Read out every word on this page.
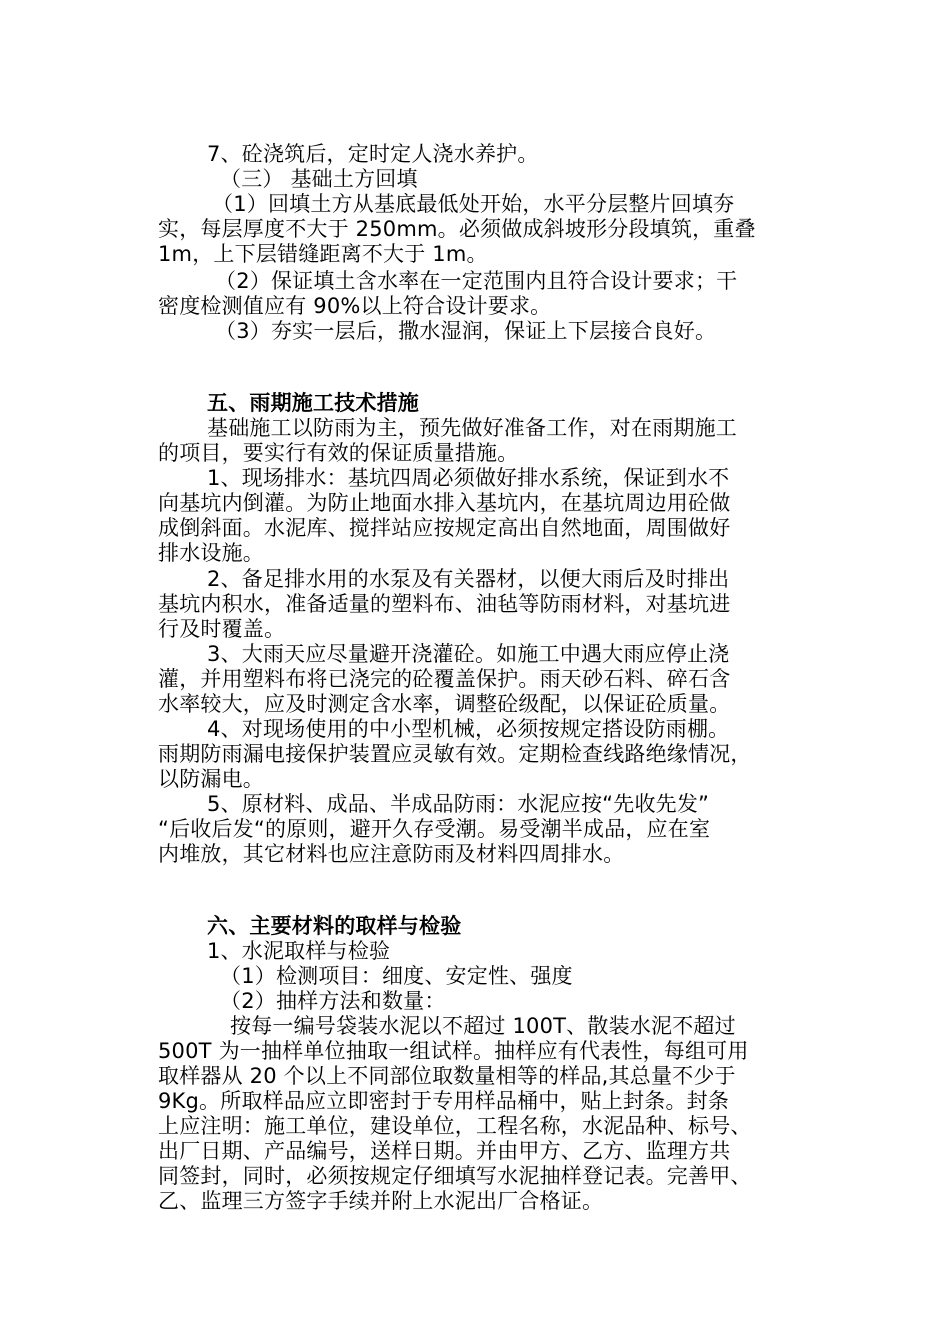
7、砼浇筑后，定时定人浇水养护。
（三） 基础土方回填
（1）回填土方从基底最低处开始，水平分层整片回填夯
实，每层厚度不大于 250mm。必须做成斜坡形分段填筑，重叠
1m，上下层错缝距离不大于 1m。
（2）保证填土含水率在一定范围内且符合设计要求；干
密度检测值应有 90%以上符合设计要求。
（3）夯实一层后，撒水湿润，保证上下层接合良好。
五、雨期施工技术措施
基础施工以防雨为主，预先做好准备工作，对在雨期施工
的项目，要实行有效的保证质量措施。
1、现场排水：基坑四周必须做好排水系统，保证到水不
向基坑内倒灌。为防止地面水排入基坑内，在基坑周边用砼做
成倒斜面。水泥库、搅拌站应按规定高出自然地面，周围做好
排水设施。
2、备足排水用的水泵及有关器材，以便大雨后及时排出
基坑内积水，准备适量的塑料布、油毡等防雨材料，对基坑进
行及时覆盖。
3、大雨天应尽量避开浇灌砼。如施工中遇大雨应停止浇
灌，并用塑料布将已浇完的砼覆盖保护。雨天砂石料、碎石含
水率较大，应及时测定含水率，调整砼级配，以保证砼质量。
4、对现场使用的中小型机械，必须按规定搭设防雨棚。
雨期防雨漏电接保护装置应灵敏有效。定期检查线路绝缘情况，
以防漏电。
5、原材料、成品、半成品防雨：水泥应按“先收先发”
“后收后发“的原则，避开久存受潮。易受潮半成品，应在室
内堆放，其它材料也应注意防雨及材料四周排水。
六、主要材料的取样与检验
1、水泥取样与检验
（1）检测项目：细度、安定性、强度
（2）抽样方法和数量：
按每一编号袋装水泥以不超过 100T、散装水泥不超过
500T 为一抽样单位抽取一组试样。抽样应有代表性，每组可用
取样器从 20 个以上不同部位取数量相等的样品,其总量不少于
9Kg。所取样品应立即密封于专用样品桶中，贴上封条。封条
上应注明：施工单位，建设单位，工程名称，水泥品种、标号、
出厂日期、产品编号，送样日期。并由甲方、乙方、监理方共
同签封，同时，必须按规定仔细填写水泥抽样登记表。完善甲、
乙、监理三方签字手续并附上水泥出厂合格证。
